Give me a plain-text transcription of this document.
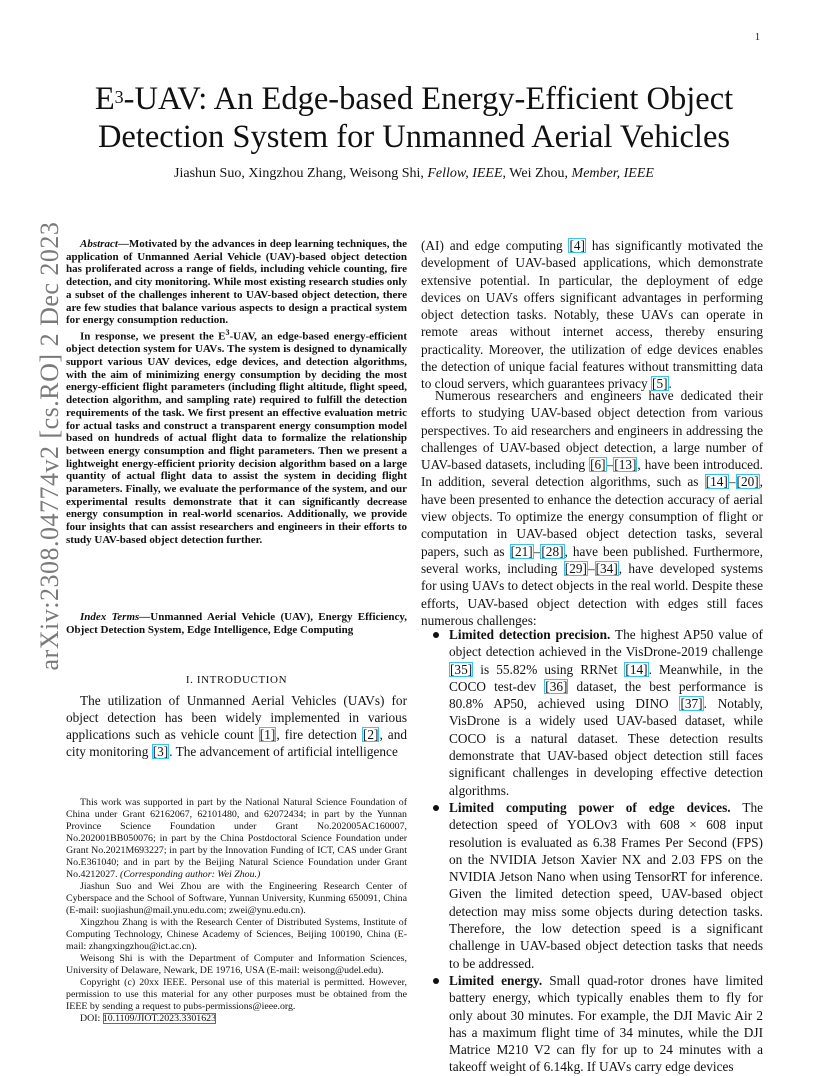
1
arXiv:2308.04774v2 [cs.RO] 2 Dec 2023
$E^3$-UAV: An Edge-based Energy-Efficient Object Detection System for Unmanned Aerial Vehicles
Jiashun Suo, Xingzhou Zhang, Weisong Shi, Fellow, IEEE, Wei Zhou, Member, IEEE

Abstract—Motivated by the advances in deep learning techniques, the application of Unmanned Aerial Vehicle (UAV)-based object detection has proliferated across a range of fields, including vehicle counting, fire detection, and city monitoring. While most existing research studies only a subset of the challenges inherent to UAV-based object detection, there are few studies that balance various aspects to design a practical system for energy consumption reduction.

In response, we present the $E^3$-UAV, an edge-based energy-efficient object detection system for UAVs. The system is designed to dynamically support various UAV devices, edge devices, and detection algorithms, with the aim of minimizing energy consumption by deciding the most energy-efficient flight parameters (including flight altitude, flight speed, detection algorithm, and sampling rate) required to fulfill the detection requirements of the task. We first present an effective evaluation metric for actual tasks and construct a transparent energy consumption model based on hundreds of actual flight data to formalize the relationship between energy consumption and flight parameters. Then we present a lightweight energy-efficient priority decision algorithm based on a large quantity of actual flight data to assist the system in deciding flight parameters. Finally, we evaluate the performance of the system, and our experimental results demonstrate that it can significantly decrease energy consumption in real-world scenarios. Additionally, we provide four insights that can assist researchers and engineers in their efforts to study UAV-based object detection further.

Index Terms—Unmanned Aerial Vehicle (UAV), Energy Efficiency, Object Detection System, Edge Intelligence, Edge Computing
I. INTRODUCTION
The utilization of Unmanned Aerial Vehicles (UAVs) for object detection has been widely implemented in various applications such as vehicle count [1], fire detection [2], and city monitoring [3]. The advancement of artificial intelligence

This work was supported in part by the National Natural Science Foundation of China under Grant 62162067, 62101480, and 62072434; in part by the Yunnan Province Science Foundation under Grant No.202005AC160007, No.202001BB050076; in part by the China Postdoctoral Science Foundation under Grant No.2021M693227; in part by the Innovation Funding of ICT, CAS under Grant No.E361040; and in part by the Beijing Natural Science Foundation under Grant No.4212027. (Corresponding author: Wei Zhou.)

Jiashun Suo and Wei Zhou are with the Engineering Research Center of Cyberspace and the School of Software, Yunnan University, Kunming 650091, China (E-mail: suojiashun@mail.ynu.edu.com; zwei@ynu.edu.cn).

Xingzhou Zhang is with the Research Center of Distributed Systems, Institute of Computing Technology, Chinese Academy of Sciences, Beijing 100190, China (E-mail: zhangxingzhou@ict.ac.cn).

Weisong Shi is with the Department of Computer and Information Sciences, University of Delaware, Newark, DE 19716, USA (E-mail: weisong@udel.edu).

Copyright (c) 20xx IEEE. Personal use of this material is permitted. However, permission to use this material for any other purposes must be obtained from the IEEE by sending a request to pubs-permissions@ieee.org.

DOI: 10.1109/JIOT.2023.3301623

(AI) and edge computing [4] has significantly motivated the development of UAV-based applications, which demonstrate extensive potential. In particular, the deployment of edge devices on UAVs offers significant advantages in performing object detection tasks. Notably, these UAVs can operate in remote areas without internet access, thereby ensuring practicality. Moreover, the utilization of edge devices enables the detection of unique facial features without transmitting data to cloud servers, which guarantees privacy [5].

Numerous researchers and engineers have dedicated their efforts to studying UAV-based object detection from various perspectives. To aid researchers and engineers in addressing the challenges of UAV-based object detection, a large number of UAV-based datasets, including [6]–[13], have been introduced. In addition, several detection algorithms, such as [14]–[20], have been presented to enhance the detection accuracy of aerial view objects. To optimize the energy consumption of flight or computation in UAV-based object detection tasks, several papers, such as [21]–[28], have been published. Furthermore, several works, including [29]–[34], have developed systems for using UAVs to detect objects in the real world. Despite these efforts, UAV-based object detection with edges still faces numerous challenges:

Limited detection precision. The highest AP50 value of object detection achieved in the VisDrone-2019 challenge [35] is 55.82% using RRNet [14]. Meanwhile, in the COCO test-dev [36] dataset, the best performance is 80.8% AP50, achieved using DINO [37]. Notably, VisDrone is a widely used UAV-based dataset, while COCO is a natural dataset. These detection results demonstrate that UAV-based object detection still faces significant challenges in developing effective detection algorithms.
Limited computing power of edge devices. The detection speed of YOLOv3 with 608 × 608 input resolution is evaluated as 6.38 Frames Per Second (FPS) on the NVIDIA Jetson Xavier NX and 2.03 FPS on the NVIDIA Jetson Nano when using TensorRT for inference. Given the limited detection speed, UAV-based object detection may miss some objects during detection tasks. Therefore, the low detection speed is a significant challenge in UAV-based object detection tasks that needs to be addressed.
Limited energy. Small quad-rotor drones have limited battery energy, which typically enables them to fly for only about 30 minutes. For example, the DJI Mavic Air 2 has a maximum flight time of 34 minutes, while the DJI Matrice M210 V2 can fly for up to 24 minutes with a takeoff weight of 6.14kg. If UAVs carry edge devices
